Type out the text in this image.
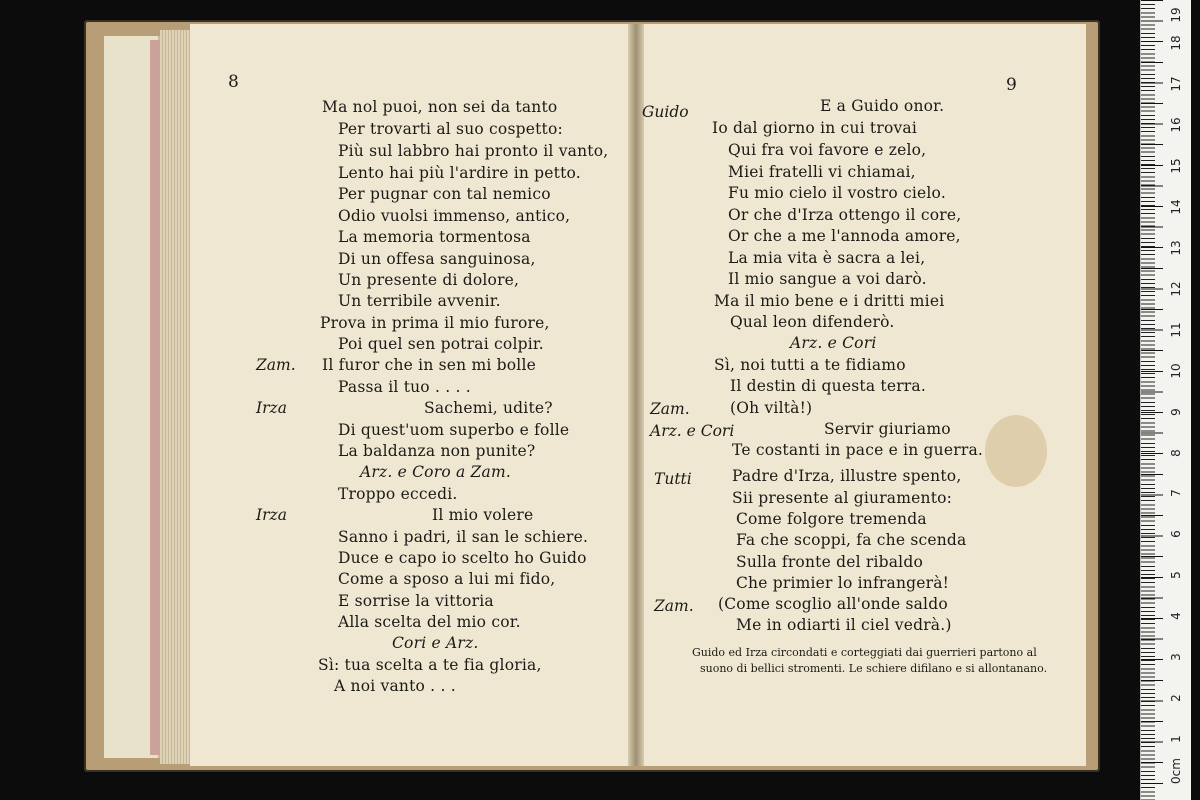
8
Ma nol puoi, non sei da tanto
Per trovarti al suo cospetto:
Più sul labbro hai pronto il vanto,
Lento hai più l'ardire in petto.
Per pugnar con tal nemico
Odio vuolsi immenso, antico,
La memoria tormentosa
Di un offesa sanguinosa,
Un presente di dolore,
Un terribile avvenir.
Prova in prima il mio furore,
Poi quel sen potrai colpir.
Zam. Il furor che in sen mi bolle
Passa il tuo . . . .
Irza	Sachemi, udite?
Di quest'uom superbo e folle
La baldanza non punite?
Arz. e Coro a Zam.
Troppo eccedi.
Irza	Il mio volere
Sanno i padri, il san le schiere.
Duce e capo io scelto ho Guido
Come a sposo a lui mi fido,
E sorrise la vittoria
Alla scelta del mio cor.
Cori e Arz.
Sì: tua scelta a te fia gloria,
A noi vanto . . .
9
Guido	E a Guido onor.
Io dal giorno in cui trovai
Qui fra voi favore e zelo,
Miei fratelli vi chiamai,
Fu mio cielo il vostro cielo.
Or che d'Irza ottengo il core,
Or che a me l'annoda amore,
La mia vita è sacra a lei,
Il mio sangue a voi darò.
Ma il mio bene e i dritti miei
Qual leon difenderò.
Arz. e Cori
Sì, noi tutti a te fidiamo
Il destin di questa terra.
Zam.	(Oh viltà!)
Arz. e Cori	Servir giuriamo
Te costanti in pace e in guerra.
Tutti	Padre d'Irza, illustre spento,
Sii presente al giuramento:
Come folgore tremenda
Fa che scoppi, fa che scenda
Sulla fronte del ribaldo
Che primier lo infrangerà!
Zam. (Come scoglio all'onde saldo
Me in odiarti il ciel vedrà.)
Guido ed Irza circondati e corteggiati dai guerrieri partono al
suono di bellici stromenti. Le schiere difilano e si allontanano.
0cm
1
2
3
4
5
6
7
8
9
10
11
12
13
14
15
16
17
18
19
